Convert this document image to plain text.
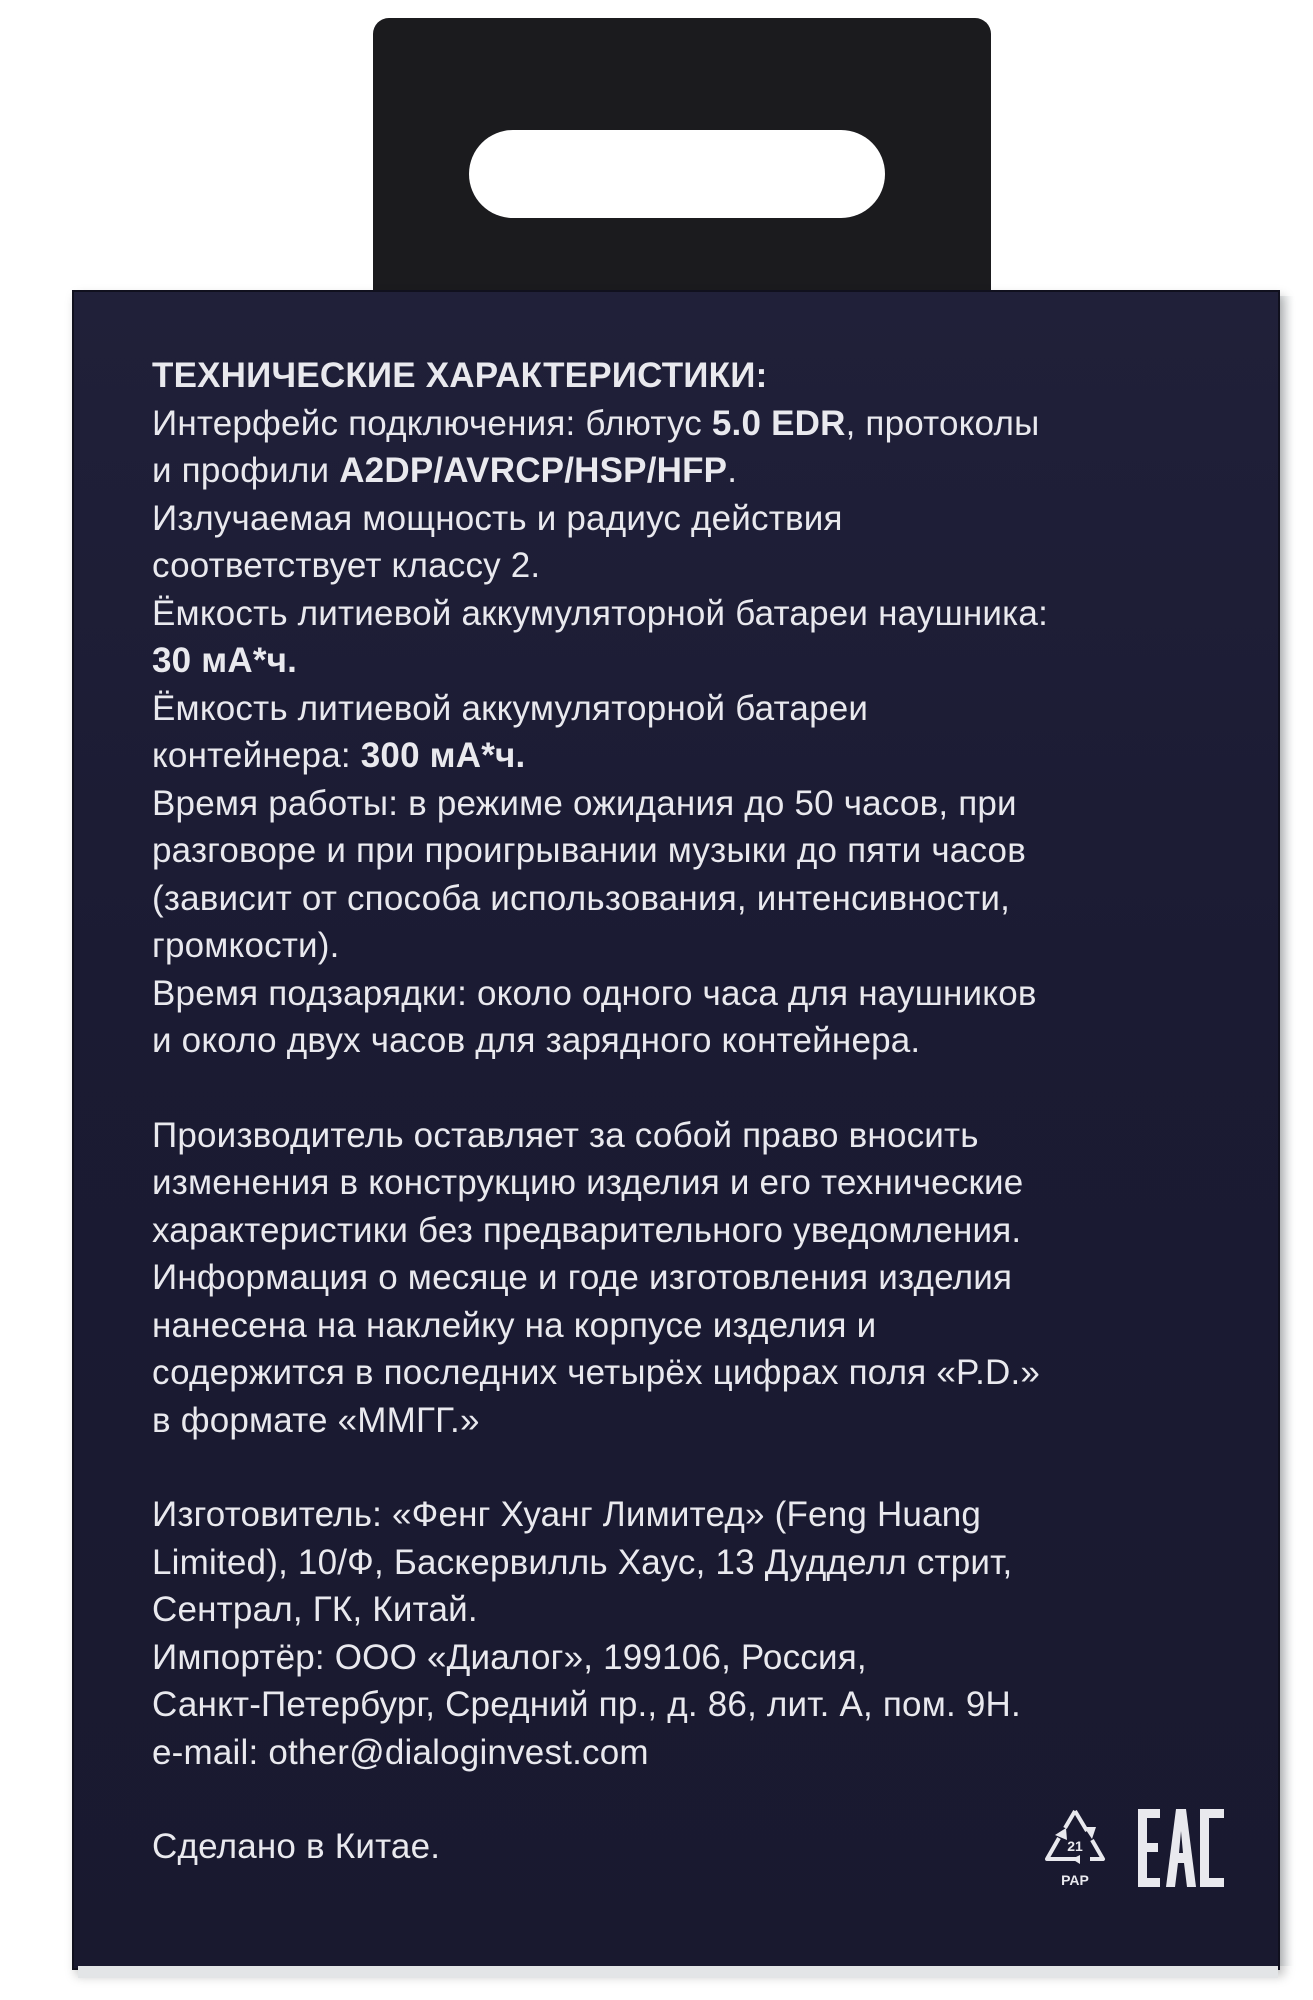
ТЕХНИЧЕСКИЕ ХАРАКТЕРИСТИКИ:
Интерфейс подключения: блютус 5.0 EDR, протоколы
и профили A2DP/AVRCP/HSP/HFP.
Излучаемая мощность и радиус действия
соответствует классу 2.
Ёмкость литиевой аккумуляторной батареи наушника:
30 мА*ч.
Ёмкость литиевой аккумуляторной батареи
контейнера: 300 мА*ч.
Время работы: в режиме ожидания до 50 часов, при
разговоре и при проигрывании музыки до пяти часов
(зависит от способа использования, интенсивности,
громкости).
Время подзарядки: около одного часа для наушников
и около двух часов для зарядного контейнера.
Производитель оставляет за собой право вносить
изменения в конструкцию изделия и его технические
характеристики без предварительного уведомления.
Информация о месяце и годе изготовления изделия
нанесена на наклейку на корпусе изделия и
содержится в последних четырёх цифрах поля «P.D.»
в формате «ММГГ.»
Изготовитель: «Фенг Хуанг Лимитед» (Feng Huang
Limited), 10/Ф, Баскервилль Хаус, 13 Дудделл стрит,
Сентрал, ГК, Китай.
Импортёр: ООО «Диалог», 199106, Россия,
Санкт-Петербург, Средний пр., д. 86, лит. А, пом. 9Н.
e-mail: other@dialoginvest.com
Сделано в Китае.	21
PAP
